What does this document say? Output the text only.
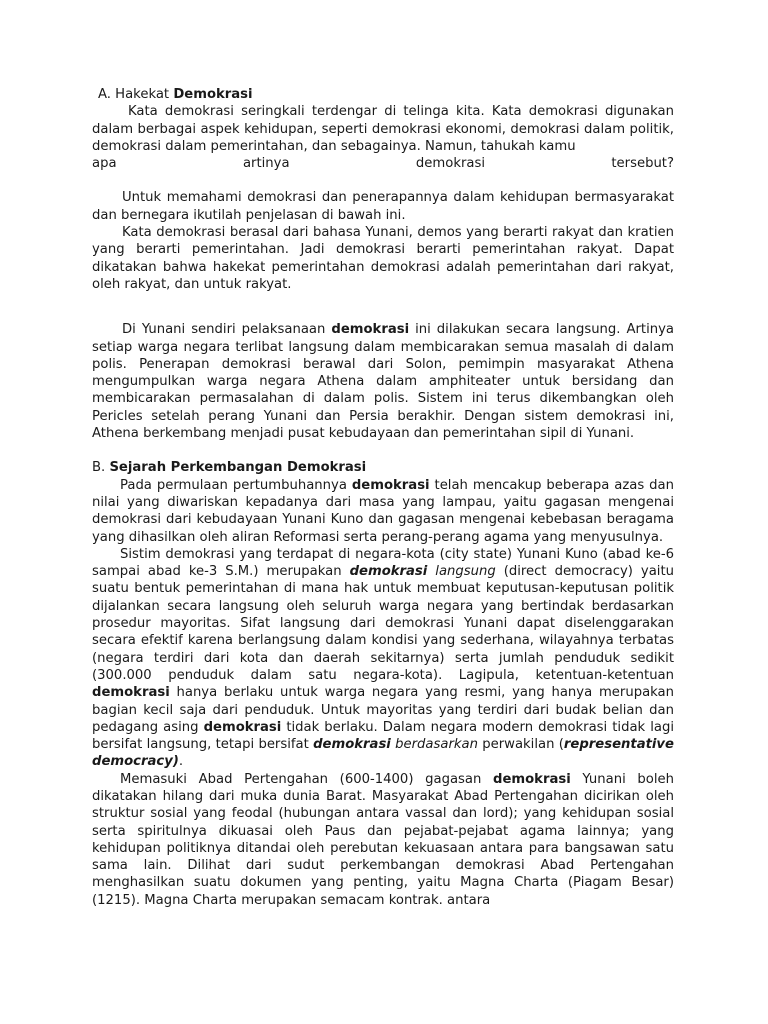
A. Hakekat Demokrasi

Kata demokrasi seringkali terdengar di telinga kita. Kata demokrasi digunakan dalam berbagai aspek kehidupan, seperti demokrasi ekonomi, demokrasi dalam politik, demokrasi dalam pemerintahan, dan sebagainya. Namun, tahukah kamu

apa	artinya	demokrasi	tersebut?

Untuk memahami demokrasi dan penerapannya dalam kehidupan bermasyarakat dan bernegara ikutilah penjelasan di bawah ini.

Kata demokrasi berasal dari bahasa Yunani, demos yang berarti rakyat dan kratien yang berarti pemerintahan. Jadi demokrasi berarti pemerintahan rakyat. Dapat dikatakan bahwa hakekat pemerintahan demokrasi adalah pemerintahan dari rakyat, oleh rakyat, dan untuk rakyat.

Di Yunani sendiri pelaksanaan demokrasi ini dilakukan secara langsung. Artinya setiap warga negara terlibat langsung dalam membicarakan semua masalah di dalam polis. Penerapan demokrasi berawal dari Solon, pemimpin masyarakat Athena mengumpulkan warga negara Athena dalam amphiteater untuk bersidang dan membicarakan permasalahan di dalam polis. Sistem ini terus dikembangkan oleh Pericles setelah perang Yunani dan Persia berakhir. Dengan sistem demokrasi ini, Athena berkembang menjadi pusat kebudayaan dan pemerintahan sipil di Yunani.

B. Sejarah Perkembangan Demokrasi

Pada permulaan pertumbuhannya demokrasi telah mencakup beberapa azas dan nilai yang diwariskan kepadanya dari masa yang lampau, yaitu gagasan mengenai demokrasi dari kebudayaan Yunani Kuno dan gagasan mengenai kebebasan beragama yang dihasilkan oleh aliran Reformasi serta perang-perang agama yang menyusulnya.

Sistim demokrasi yang terdapat di negara-kota (city state) Yunani Kuno (abad ke-6 sampai abad ke-3 S.M.) merupakan demokrasi langsung (direct democracy) yaitu suatu bentuk pemerintahan di mana hak untuk membuat keputusan-keputusan politik dijalankan secara langsung oleh seluruh warga negara yang bertindak berdasarkan prosedur mayoritas. Sifat langsung dari demokrasi Yunani dapat diselenggarakan secara efektif karena berlangsung dalam kondisi yang sederhana, wilayahnya terbatas (negara terdiri dari kota dan daerah sekitarnya) serta jumlah penduduk sedikit (300.000 penduduk dalam satu negara-kota). Lagipula, ketentuan-ketentuan demokrasi hanya berlaku untuk warga negara yang resmi, yang hanya merupakan bagian kecil saja dari penduduk. Untuk mayoritas yang terdiri dari budak belian dan pedagang asing demokrasi tidak berlaku. Dalam negara modern demokrasi tidak lagi bersifat langsung, tetapi bersifat demokrasi berdasarkan perwakilan (representative democracy).

Memasuki Abad Pertengahan (600-1400) gagasan demokrasi Yunani boleh dikatakan hilang dari muka dunia Barat. Masyarakat Abad Pertengahan dicirikan oleh struktur sosial yang feodal (hubungan antara vassal dan lord); yang kehidupan sosial serta spiritulnya dikuasai oleh Paus dan pejabat-pejabat agama lainnya; yang kehidupan politiknya ditandai oleh perebutan kekuasaan antara para bangsawan satu sama lain. Dilihat dari sudut perkembangan demokrasi Abad Pertengahan menghasilkan suatu dokumen yang penting, yaitu Magna Charta (Piagam Besar) (1215). Magna Charta merupakan semacam kontrak. antara
